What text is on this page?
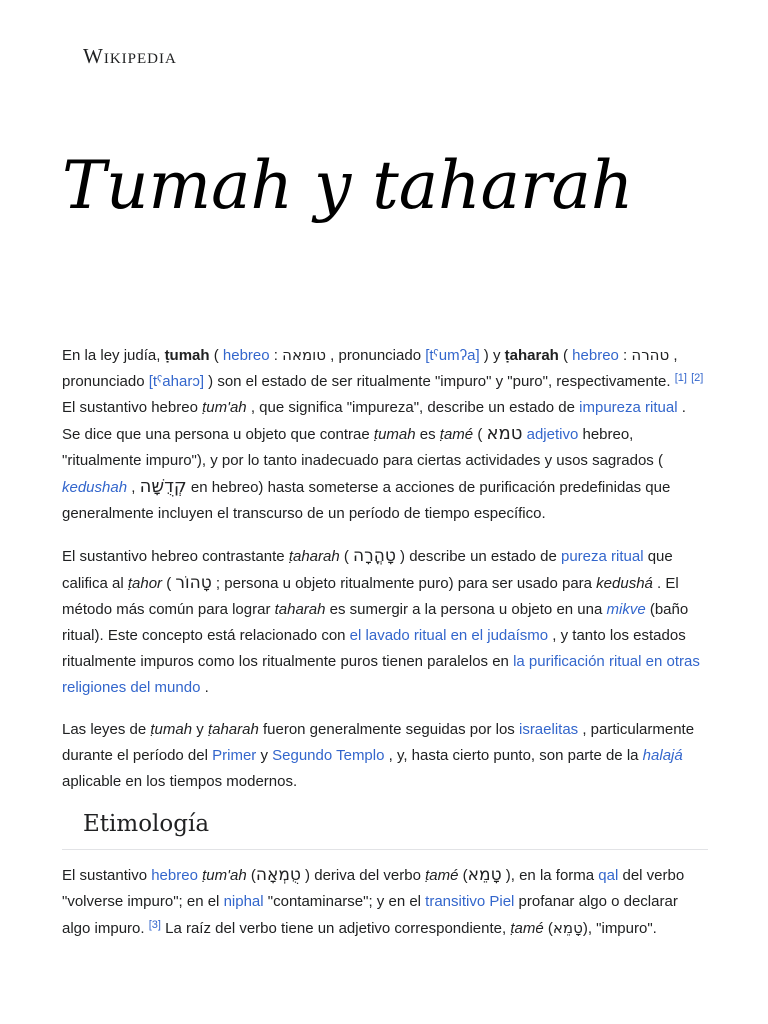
Wikipedia
Tumah y taharah

En la ley judía, ṭumah ( hebreo : טומאה , pronunciado [tˤumʔa] ) y ṭaharah ( hebreo : טהרה , pronunciado [tˤaharɔ] ) son el estado de ser ritualmente "impuro" y "puro", respectivamente. [1] [2] El sustantivo hebreo ṭum'ah , que significa "impureza", describe un estado de impureza ritual . Se dice que una persona u objeto que contrae ṭumah es ṭamé ( טמא adjetivo hebreo, "ritualmente impuro"), y por lo tanto inadecuado para ciertas actividades y usos sagrados ( kedushah , קְדֻשָּׁה en hebreo) hasta someterse a acciones de purificación predefinidas que generalmente incluyen el transcurso de un período de tiempo específico.

El sustantivo hebreo contrastante ṭaharah ( טָהֳרָה ) describe un estado de pureza ritual que califica al ṭahor ( טָהוֹר ; persona u objeto ritualmente puro) para ser usado para kedushá . El método más común para lograr taharah es sumergir a la persona u objeto en una mikve (baño ritual). Este concepto está relacionado con el lavado ritual en el judaísmo , y tanto los estados ritualmente impuros como los ritualmente puros tienen paralelos en la purificación ritual en otras religiones del mundo .

Las leyes de ṭumah y ṭaharah fueron generalmente seguidas por los israelitas , particularmente durante el período del Primer y Segundo Templo , y, hasta cierto punto, son parte de la halajá aplicable en los tiempos modernos.

Etimología

El sustantivo hebreo ṭum'ah (טֻמְאָה ) deriva del verbo ṭamé (טָמֵא ), en la forma qal del verbo "volverse impuro"; en el niphal "contaminarse"; y en el transitivo Piel profanar algo o declarar algo impuro. [3] La raíz del verbo tiene un adjetivo correspondiente, ṭamé (טָמֵא), "impuro".
